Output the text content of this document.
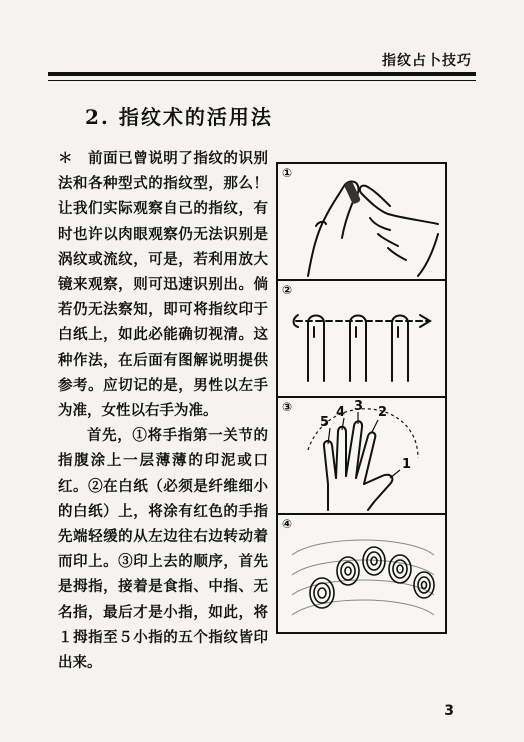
指纹占卜技巧
2. 指纹术的活用法
＊　前面已曾说明了指纹的识别法和各种型式的指纹型，那么！让我们实际观察自己的指纹，有时也许以肉眼观察仍无法识别是涡纹或流纹，可是，若利用放大镜来观察，则可迅速识别出。倘若仍无法察知，即可将指纹印于白纸上，如此必能确切视清。这种作法，在后面有图解说明提供参考。应切记的是，男性以左手为准，女性以右手为准。
首先，①将手指第一关节的指腹涂上一层薄薄的印泥或口红。②在白纸（必须是纤维细小的白纸）上，将涂有红色的手指先端轻缓的从左边往右边转动着而印上。③印上去的顺序，首先是拇指，接着是食指、中指、无名指，最后才是小指，如此，将１拇指至５小指的五个指纹皆印出来。
①
②
③
5
4 3 2
1
④
3
